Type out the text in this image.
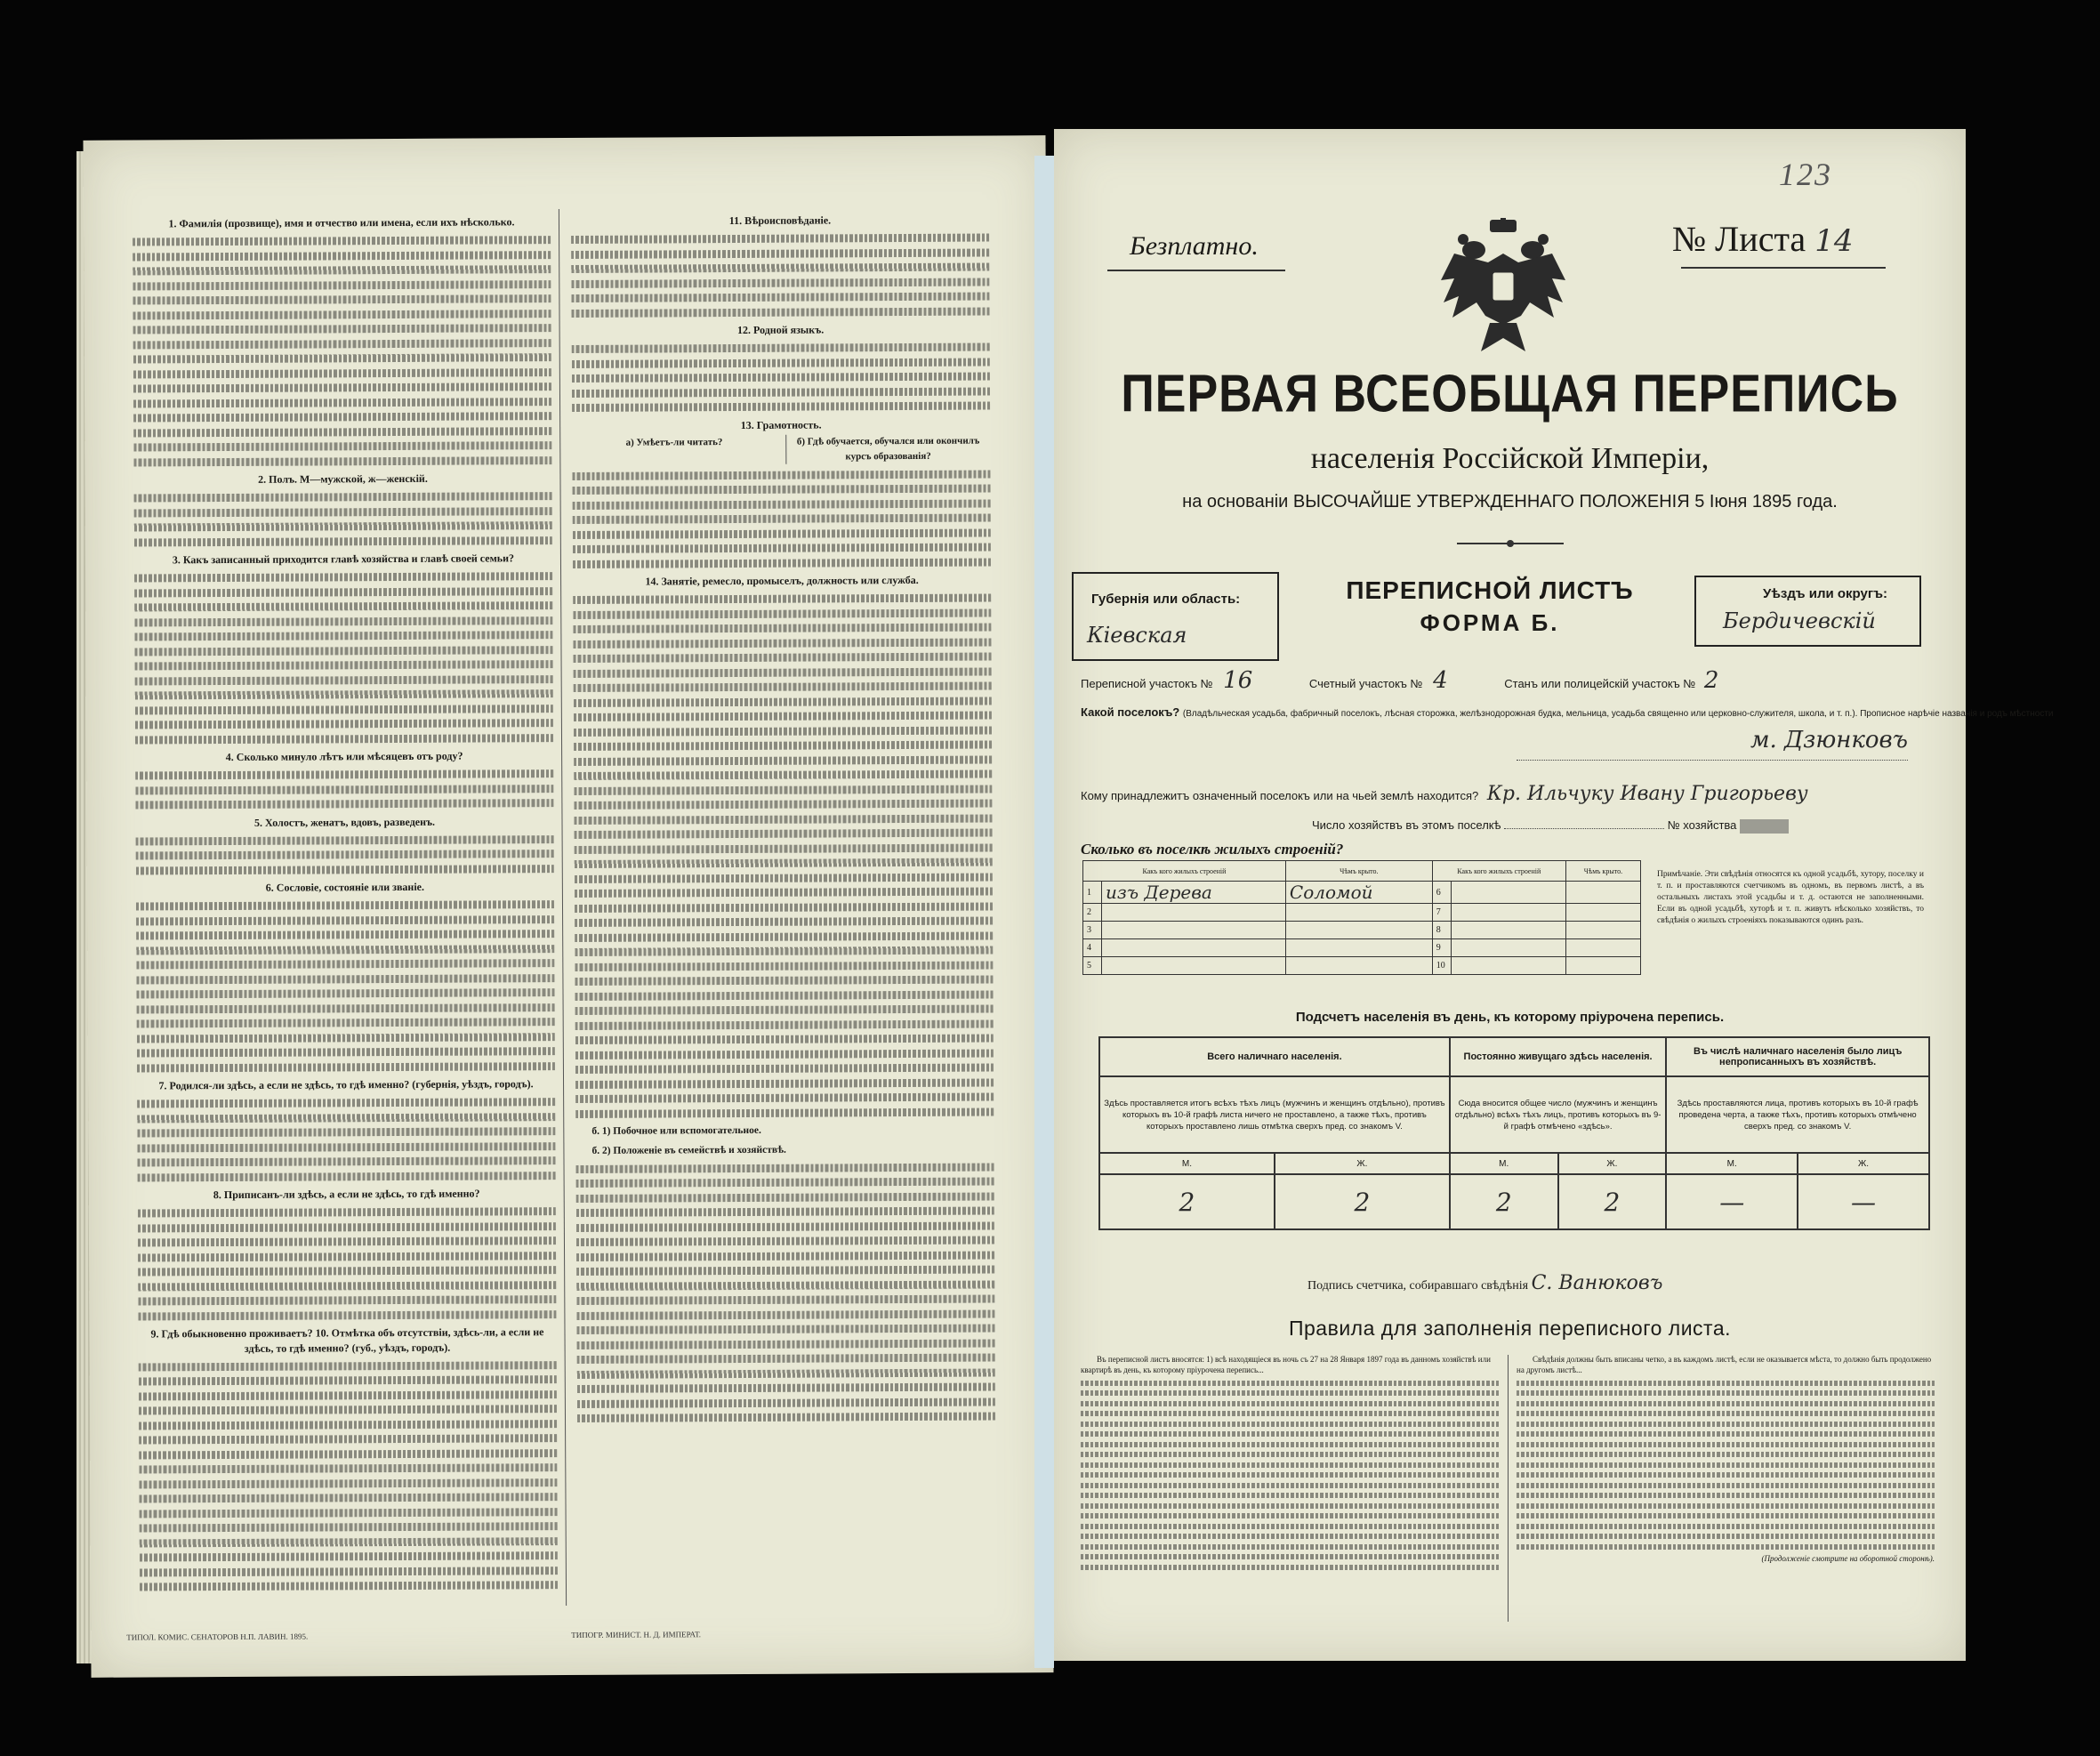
1. Фамилія (прозвище), имя и отчество или имена, если ихъ нѣсколько.
2. Полъ. М—мужской, ж—женскій.
3. Какъ записанный приходится главѣ хозяйства и главѣ своей семьи?
4. Сколько минуло лѣтъ или мѣсяцевъ отъ роду?
5. Холостъ, женатъ, вдовъ, разведенъ.
6. Сословіе, состояніе или званіе.
7. Родился-ли здѣсь, а если не здѣсь, то гдѣ именно? (губернія, уѣздъ, городъ).
8. Приписанъ-ли здѣсь, а если не здѣсь, то гдѣ именно?
9. Гдѣ обыкновенно проживаетъ? 10. Отмѣтка объ отсутствіи, здѣсь-ли, а если не здѣсь, то гдѣ именно? (губ., уѣздъ, городъ).
11. Вѣроисповѣданіе.
12. Родной языкъ.
13. Грамотность.
а) Умѣетъ-ли читать?	б) Гдѣ обучается, обучался или окончилъ курсъ образованія?
14. Занятіе, ремесло, промыселъ, должность или служба.
б. 1) Побочное или вспомогательное.
б. 2) Положеніе въ семействѣ и хозяйствѣ.
ТИПОЛ. КОМИС. СЕНАТОРОВ Н.П. ЛАВИН. 1895.	ТИПОГР. МИНИСТ. Н. Д. ИМПЕРАТ.
123
Безплатно.	№ Листа 14
ПЕРВАЯ ВСЕОБЩАЯ ПЕРЕПИСЬ
населенія Россійской Имперіи,
на основаніи ВЫСОЧАЙШЕ УТВЕРЖДЕННАГО ПОЛОЖЕНІЯ 5 Іюня 1895 года.
Губернія или область:
Кіевская
ПЕРЕПИСНОЙ ЛИСТЪ
ФОРМА Б.
Уѣздъ или округъ:
Бердичевскій
Переписной участокъ № 16	Счетный участокъ № 4	Станъ или полицейскій участокъ № 2
Какой поселокъ? (Владѣльческая усадьба, фабричный поселокъ, лѣсная сторожка, желѣзнодорожная будка, мельница, усадьба священно или церковно-служителя, школа, и т. п.). Прописное нарѣчіе названія и родъ мѣстности
м. Дзюнковъ
Кому принадлежитъ означенный поселокъ или на чьей землѣ находится? Кр. Ильчуку Ивану Григорьеву
Число хозяйствъ въ этомъ поселкѣ	№ хозяйства
Сколько въ поселкѣ жилыхъ строеній?
Какъ кого жилыхъ строеній		Чѣмъ крыто.	Какъ кого жилыхъ строеній		Чѣмъ крыто.
1	изъ Дерева	Соломой	6		
2			7		
3			8		
4			9		
5			10		
Примѣчаніе. Эти свѣдѣнія относятся къ одной усадьбѣ, хутору, поселку и т. п. и проставляются счетчикомъ въ одномъ, въ первомъ листѣ, а въ остальныхъ листахъ этой усадьбы и т. д. остаются не заполненными. Если въ одной усадьбѣ, хуторѣ и т. п. живутъ нѣсколько хозяйствъ, то свѣдѣнія о жилыхъ строеніяхъ показываются одинъ разъ.
Подсчетъ населенія въ день, къ которому пріурочена перепись.
Всего наличнаго населенія.		Постоянно живущаго здѣсь населенія.		Въ числѣ наличнаго населенія было лицъ непрописанныхъ въ хозяйствѣ.	
Здѣсь проставляется итогъ всѣхъ тѣхъ лицъ (мужчинъ и женщинъ отдѣльно), противъ которыхъ въ 10-й графѣ листа ничего не проставлено, а также тѣхъ, противъ которыхъ проставлено лишь отмѣтка сверхъ пред. со знакомъ V.		Сюда вносится общее число (мужчинъ и женщинъ отдѣльно) всѣхъ тѣхъ лицъ, противъ которыхъ въ 9-й графѣ отмѣчено «здѣсь».		Здѣсь проставляются лица, противъ которыхъ въ 10-й графѣ проведена черта, а также тѣхъ, противъ которыхъ отмѣчено сверхъ пред. со знакомъ V.	
М.	Ж.	М.	Ж.	М.	Ж.
2	2	2	2	—	—
Подпись счетчика, собиравшаго свѣдѣнія С. Ванюковъ
Правила для заполненія переписного листа.
Въ переписной листъ вносятся: 1) всѣ находящіеся въ ночь съ 27 на 28 Января 1897 года въ данномъ хозяйствѣ или квартирѣ въ день, къ которому пріурочена перепись...
Свѣдѣнія должны быть вписаны четко, а въ каждомъ листѣ, если не оказывается мѣста, то должно быть продолжено на другомъ листѣ...
(Продолженіе смотрите на оборотной сторонѣ).
